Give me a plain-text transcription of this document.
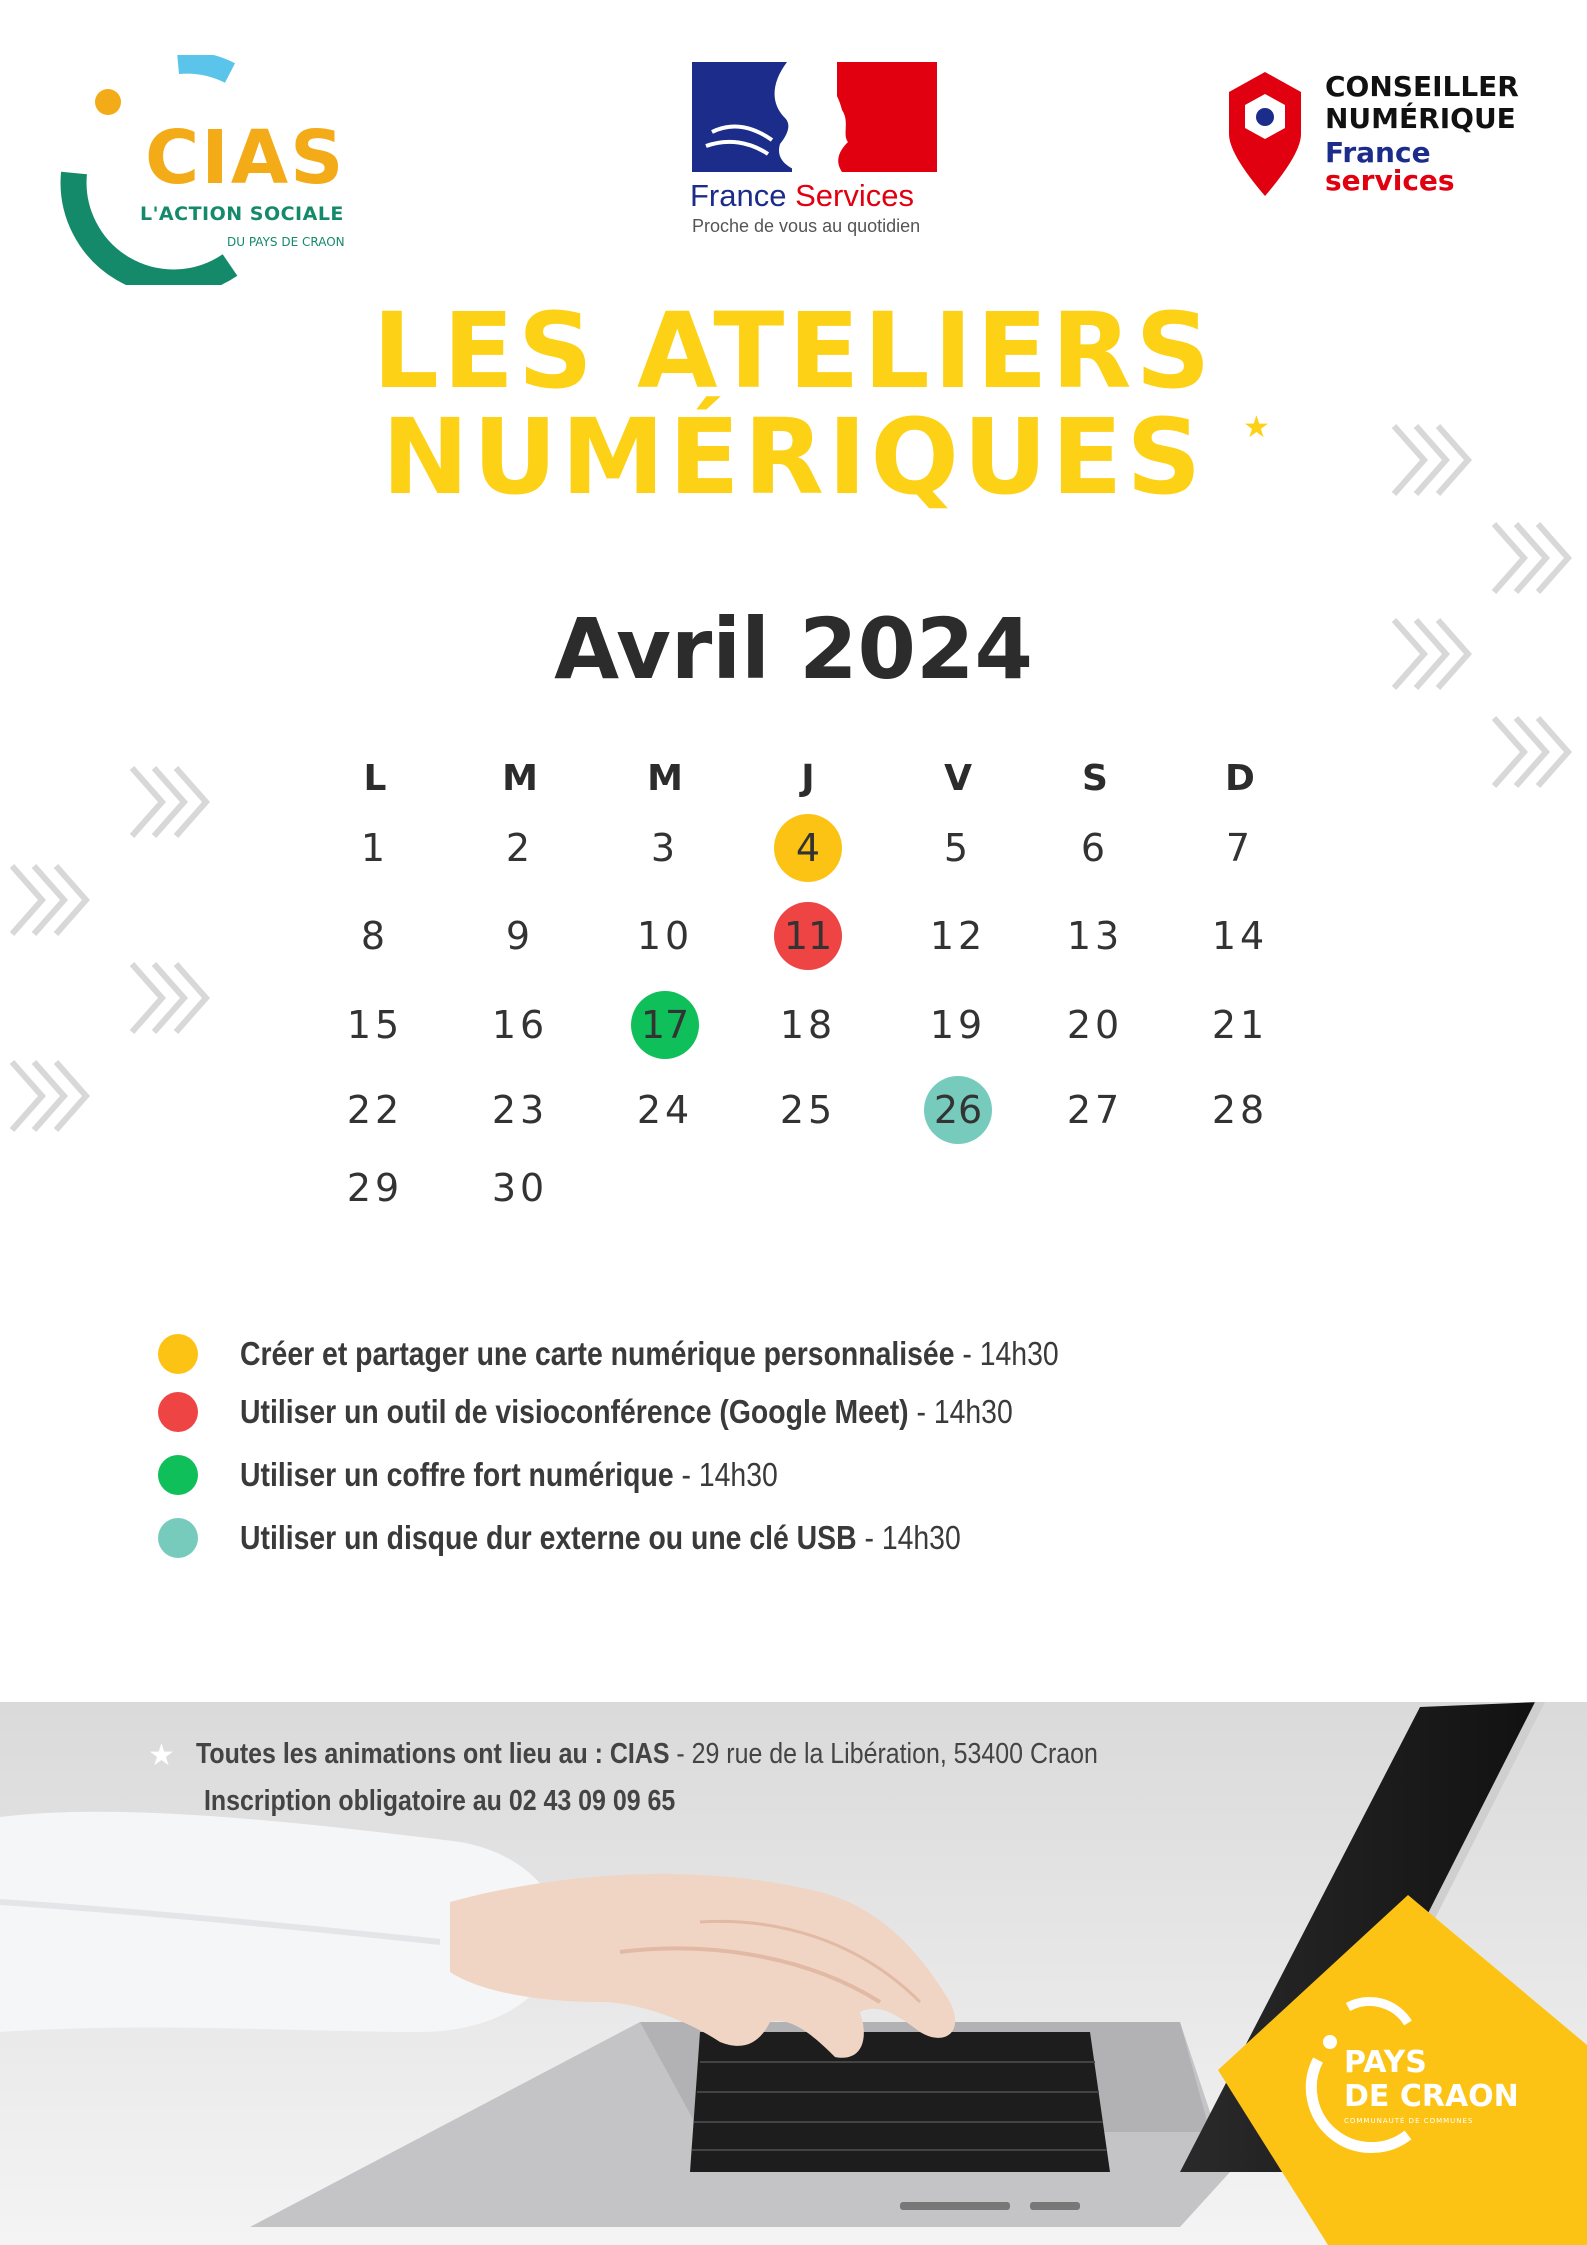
CIAS
L'ACTION SOCIALE
DU PAYS DE CRAON
France Services
Proche de vous au quotidien
CONSEILLER
NUMÉRIQUE
France
services
LES ATELIERS
NUMÉRIQUES	★
Avril 2024
L	M	M	J	V	S	D
1	2	3	4	5	6	7
8	9	10 11	12 13 14
15 16 17 18 19 20 21
22 23 24 25	26 27 28
29 30
Créer et partager une carte numérique personnalisée - 14h30
Utiliser un outil de visioconférence (Google Meet) - 14h30
Utiliser un coffre fort numérique - 14h30
Utiliser un disque dur externe ou une clé USB - 14h30
★ Toutes les animations ont lieu au : CIAS - 29 rue de la Libération, 53400 Craon
Inscription obligatoire au 02 43 09 09 65
PAYS
DE CRAON
COMMUNAUTÉ DE COMMUNES
